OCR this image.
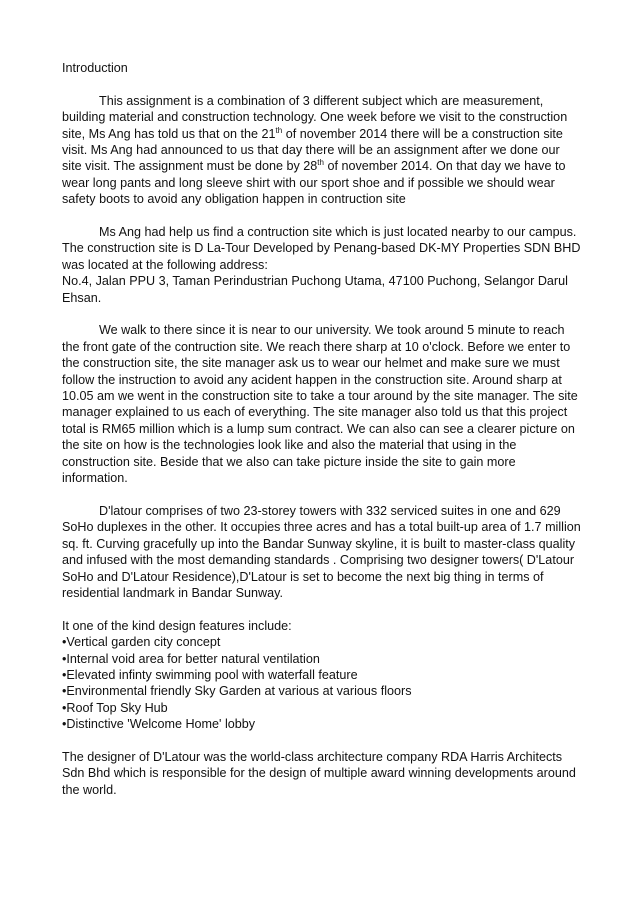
Introduction

This assignment is a combination of 3 different subject which are measurement, building material and construction technology. One week before we visit to the construction site, Ms Ang has told us that on the 21th of november 2014 there will be a construction site visit. Ms Ang had announced to us that day there will be an assignment after we done our site visit. The assignment must be done by 28th of november 2014. On that day we have to wear long pants and long sleeve shirt with our sport shoe and if possible we should wear safety boots to avoid any obligation happen in contruction site

Ms Ang had help us find a contruction site which is just located nearby to our campus. The construction site is D La-Tour Developed by Penang-based DK-MY Properties SDN BHD was located at the following address:
No.4, Jalan PPU 3, Taman Perindustrian Puchong Utama, 47100 Puchong, Selangor Darul Ehsan.

We walk to there since it is near to our university. We took around 5 minute to reach the front gate of the contruction site. We reach there sharp at 10 o'clock. Before we enter to the construction site, the site manager ask us to wear our helmet and make sure we must follow the instruction to avoid any acident happen in the construction site. Around sharp at 10.05 am we went in the construction site to take a tour around by the site manager. The site manager explained to us each of everything. The site manager also told us that this project total is RM65 million which is a lump sum contract. We can also can see a clearer picture on the site on how is the technologies look like and also the material that using in the construction site. Beside that we also can take picture inside the site to gain more information.

D'latour comprises of two 23-storey towers with 332 serviced suites in one and 629 SoHo duplexes in the other. It occupies three acres and has a total built-up area of 1.7 million sq. ft. Curving gracefully up into the Bandar Sunway skyline, it is built to master-class quality and infused with the most demanding standards . Comprising two designer towers( D'Latour SoHo and D'Latour Residence),D'Latour is set to become the next big thing in terms of residential landmark in Bandar Sunway.

It one of the kind design features include:
•Vertical garden city concept
•Internal void area for better natural ventilation
•Elevated infinty swimming pool with waterfall feature
•Environmental friendly Sky Garden at various at various floors
•Roof Top Sky Hub
•Distinctive 'Welcome Home' lobby

The designer of D'Latour was the world-class architecture company RDA Harris Architects Sdn Bhd which is responsible for the design of multiple award winning developments around the world.
